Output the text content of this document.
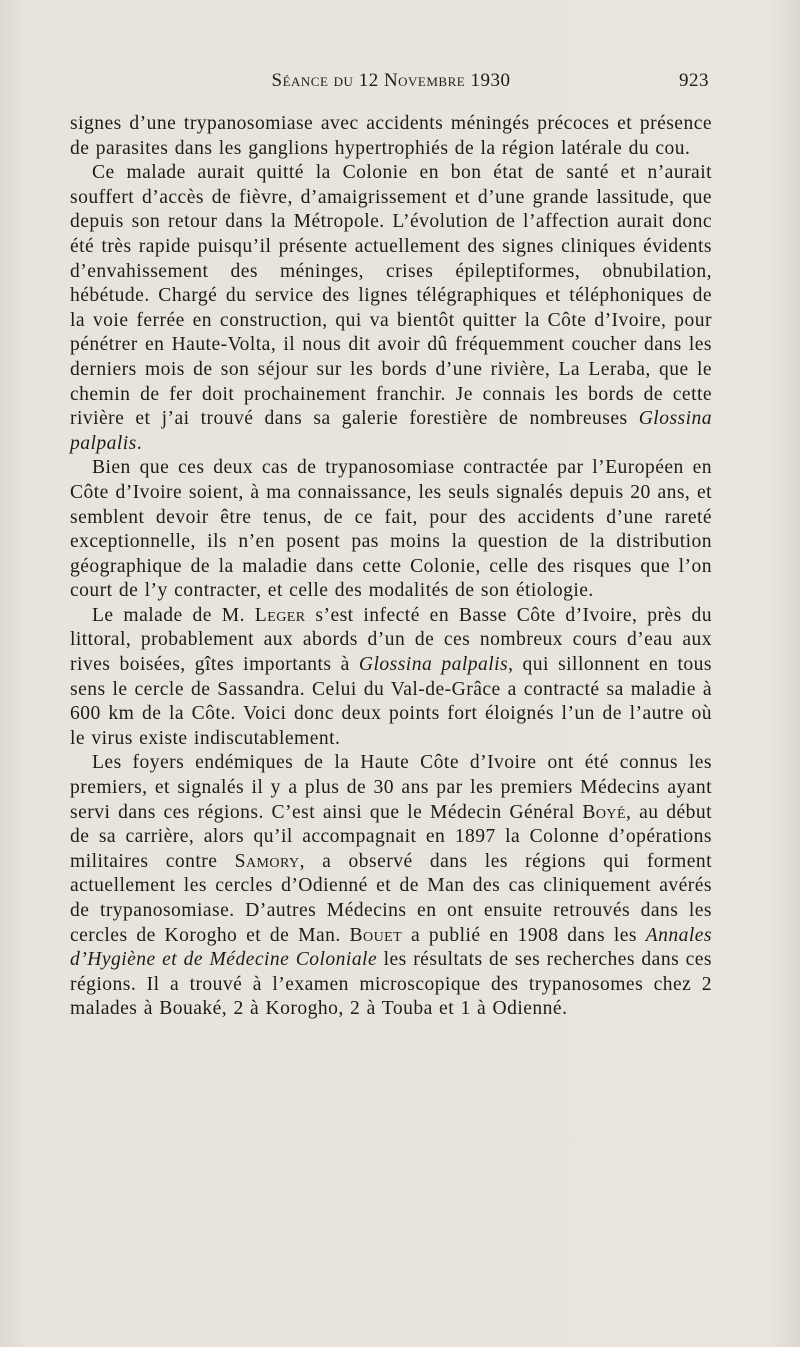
Séance du 12 Novembre 1930	923

signes d’une trypanosomiase avec accidents méningés précoces et présence de parasites dans les ganglions hypertrophiés de la région latérale du cou.

Ce malade aurait quitté la Colonie en bon état de santé et n’aurait souffert d’accès de fièvre, d’amaigrissement et d’une grande lassitude, que depuis son retour dans la Métropole. L’évolution de l’affection aurait donc été très rapide puisqu’il présente actuellement des signes cliniques évidents d’envahissement des méninges, crises épileptiformes, obnubilation, hébétude. Chargé du service des lignes télégraphiques et téléphoniques de la voie ferrée en construction, qui va bientôt quitter la Côte d’Ivoire, pour pénétrer en Haute-Volta, il nous dit avoir dû fréquemment coucher dans les derniers mois de son séjour sur les bords d’une rivière, La Leraba, que le chemin de fer doit prochainement franchir. Je connais les bords de cette rivière et j’ai trouvé dans sa galerie forestière de nombreuses Glossina palpalis.

Bien que ces deux cas de trypanosomiase contractée par l’Européen en Côte d’Ivoire soient, à ma connaissance, les seuls signalés depuis 20 ans, et semblent devoir être tenus, de ce fait, pour des accidents d’une rareté exceptionnelle, ils n’en posent pas moins la question de la distribution géographique de la maladie dans cette Colonie, celle des risques que l’on court de l’y contracter, et celle des modalités de son étiologie.

Le malade de M. Leger s’est infecté en Basse Côte d’Ivoire, près du littoral, probablement aux abords d’un de ces nombreux cours d’eau aux rives boisées, gîtes importants à Glossina palpalis, qui sillonnent en tous sens le cercle de Sassandra. Celui du Val-de-Grâce a contracté sa maladie à 600 km de la Côte. Voici donc deux points fort éloignés l’un de l’autre où le virus existe indiscutablement.

Les foyers endémiques de la Haute Côte d’Ivoire ont été connus les premiers, et signalés il y a plus de 30 ans par les premiers Médecins ayant servi dans ces régions. C’est ainsi que le Médecin Général Boyé, au début de sa carrière, alors qu’il accompagnait en 1897 la Colonne d’opérations militaires contre Samory, a observé dans les régions qui forment actuellement les cercles d’Odienné et de Man des cas cliniquement avérés de trypanosomiase. D’autres Médecins en ont ensuite retrouvés dans les cercles de Korogho et de Man. Bouet a publié en 1908 dans les Annales d’Hygiène et de Médecine Coloniale les résultats de ses recherches dans ces régions. Il a trouvé à l’examen microscopique des trypanosomes chez 2 malades à Bouaké, 2 à Korogho, 2 à Touba et 1 à Odienné.
